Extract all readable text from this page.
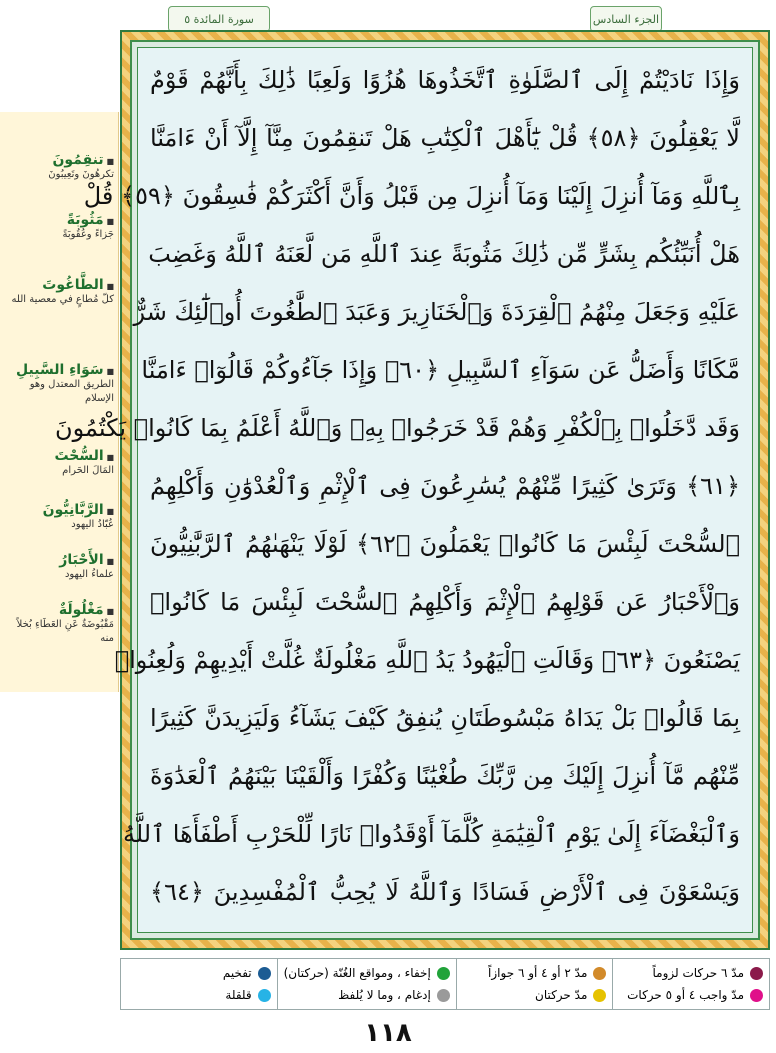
الجزء السادس
سورة المائدة ٥
■ تنقِمُونَ
تكرهُونَ وتَعِيبُونَ
■ مَثُوبَةً
جَزاءً وعُقُوبَةً
■ الطَّاغُوتَ
كلّ مُطاعٍ في معصية الله
■ سَوَاءِ السَّبِيلِ
الطريق المعتدل وهو الإسلام
■ السُّحْتَ
المَالَ الحَرام
■ الرَّبَّانِيُّونَ
عُبّادُ اليهود
■ الأَحْبَارُ
علماءُ اليهود
■ مَغْلُولَةٌ
مَقْبُوضَةٌ عَنِ العَطَاءِ بُخلاً منه
وَإِذَا نَادَيْتُمْ إِلَى ٱلصَّلَوٰةِ ٱتَّخَذُوهَا هُزُوًا وَلَعِبًا ذَٰلِكَ بِأَنَّهُمْ قَوْمٌ
لَّا يَعْقِلُونَ ﴿٥٨﴾ قُلْ يَٰٓأَهْلَ ٱلْكِتَٰبِ هَلْ تَنقِمُونَ مِنَّآ إِلَّآ أَنْ ءَامَنَّا
بِٱللَّهِ وَمَآ أُنزِلَ إِلَيْنَا وَمَآ أُنزِلَ مِن قَبْلُ وَأَنَّ أَكْثَرَكُمْ فَٰسِقُونَ ﴿٥٩﴾ قُلْ
هَلْ أُنَبِّئُكُم بِشَرٍّ مِّن ذَٰلِكَ مَثُوبَةً عِندَ ٱللَّهِ مَن لَّعَنَهُ ٱللَّهُ وَغَضِبَ
عَلَيْهِ وَجَعَلَ مِنْهُمُ ٱلْقِرَدَةَ وَٱلْخَنَازِيرَ وَعَبَدَ ٱلطَّٰغُوتَ أُو۟لَٰٓئِكَ شَرٌّ
مَّكَانًا وَأَضَلُّ عَن سَوَآءِ ٱلسَّبِيلِ ﴿٦٠﴾ وَإِذَا جَآءُوكُمْ قَالُوٓا۟ ءَامَنَّا
وَقَد دَّخَلُوا۟ بِٱلْكُفْرِ وَهُمْ قَدْ خَرَجُوا۟ بِهِۦ وَٱللَّهُ أَعْلَمُ بِمَا كَانُوا۟ يَكْتُمُونَ
﴿٦١﴾ وَتَرَىٰ كَثِيرًا مِّنْهُمْ يُسَٰرِعُونَ فِى ٱلْإِثْمِ وَٱلْعُدْوَٰنِ وَأَكْلِهِمُ
ٱلسُّحْتَ لَبِئْسَ مَا كَانُوا۟ يَعْمَلُونَ ﴿٦٢﴾ لَوْلَا يَنْهَىٰهُمُ ٱلرَّبَّٰنِيُّونَ
وَٱلْأَحْبَارُ عَن قَوْلِهِمُ ٱلْإِثْمَ وَأَكْلِهِمُ ٱلسُّحْتَ لَبِئْسَ مَا كَانُوا۟
يَصْنَعُونَ ﴿٦٣﴾ وَقَالَتِ ٱلْيَهُودُ يَدُ ٱللَّهِ مَغْلُولَةٌ غُلَّتْ أَيْدِيهِمْ وَلُعِنُوا۟
بِمَا قَالُوا۟ بَلْ يَدَاهُ مَبْسُوطَتَانِ يُنفِقُ كَيْفَ يَشَآءُ وَلَيَزِيدَنَّ كَثِيرًا
مِّنْهُم مَّآ أُنزِلَ إِلَيْكَ مِن رَّبِّكَ طُغْيَٰنًا وَكُفْرًا وَأَلْقَيْنَا بَيْنَهُمُ ٱلْعَدَٰوَةَ
وَٱلْبَغْضَآءَ إِلَىٰ يَوْمِ ٱلْقِيَٰمَةِ كُلَّمَآ أَوْقَدُوا۟ نَارًا لِّلْحَرْبِ أَطْفَأَهَا ٱللَّهُ
وَيَسْعَوْنَ فِى ٱلْأَرْضِ فَسَادًا وَٱللَّهُ لَا يُحِبُّ ٱلْمُفْسِدِينَ ﴿٦٤﴾
مدّ ٦ حركات لزوماً
مدّ واجب ٤ أو ٥ حركات
مدّ ٢ أو ٤ أو ٦ جوازاً
مدّ حركتان
إخفاء ، ومواقع الغُنّة (حركتان)
إدغام ، وما لا يُلفظ
تفخيم
قلقلة
١١٨
